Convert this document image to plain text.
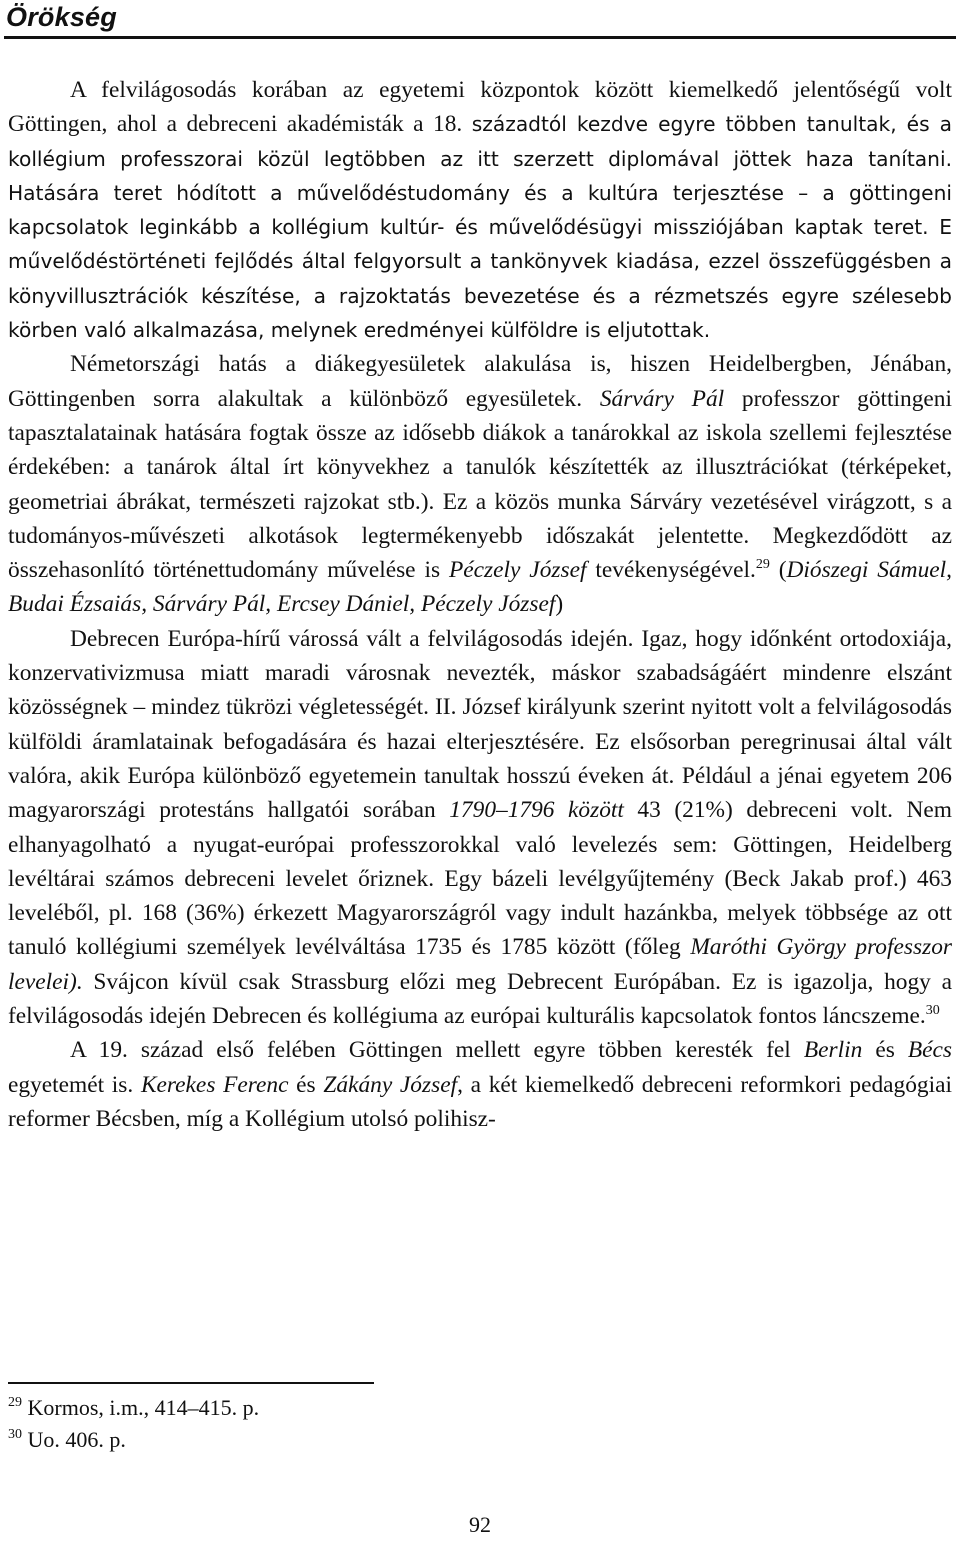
Örökség

A felvilágosodás korában az egyetemi központok között kiemelkedő jelentőségű volt Göttingen, ahol a debreceni akadémisták a 18. századtól kezdve egyre többen tanultak, és a kollégium professzorai közül legtöbben az itt szerzett diplomával jöttek haza tanítani. Hatására teret hódított a művelődéstudomány és a kultúra terjesztése – a göttingeni kapcsolatok leginkább a kollégium kultúr- és művelődésügyi missziójában kaptak teret. E művelődéstörténeti fejlődés által felgyorsult a tankönyvek kiadása, ezzel összefüggésben a könyvillusztrációk készítése, a rajzoktatás bevezetése és a rézmetszés egyre szélesebb körben való alkalmazása, melynek eredményei külföldre is eljutottak.

Németországi hatás a diákegyesületek alakulása is, hiszen Heidelbergben, Jénában, Göttingenben sorra alakultak a különböző egyesületek. Sárváry Pál professzor göttingeni tapasztalatainak hatására fogtak össze az idősebb diákok a tanárokkal az iskola szellemi fejlesztése érdekében: a tanárok által írt könyvekhez a tanulók készítették az illusztrációkat (térképeket, geometriai ábrákat, természeti rajzokat stb.). Ez a közös munka Sárváry vezetésével virágzott, s a tudományos-művészeti alkotások legtermékenyebb időszakát jelentette. Megkezdődött az összehasonlító történettudomány művelése is Péczely József tevékenységével.$^{29}$ (Diószegi Sámuel, Budai Ézsaiás, Sárváry Pál, Ercsey Dániel, Péczely József)

Debrecen Európa-hírű várossá vált a felvilágosodás idején. Igaz, hogy időnként ortodoxiája, konzervativizmusa miatt maradi városnak nevezték, máskor szabadságáért mindenre elszánt közösségnek – mindez tükrözi végletességét. II. József királyunk szerint nyitott volt a felvilágosodás külföldi áramlatainak befogadására és hazai elterjesztésére. Ez elsősorban peregrinusai által vált valóra, akik Európa különböző egyetemein tanultak hosszú éveken át. Például a jénai egyetem 206 magyarországi protestáns hallgatói sorában 1790–1796 között 43 (21%) debreceni volt. Nem elhanyagolható a nyugat-európai professzorokkal való levelezés sem: Göttingen, Heidelberg levéltárai számos debreceni levelet őriznek. Egy bázeli levélgyűjtemény (Beck Jakab prof.) 463 leveléből, pl. 168 (36%) érkezett Magyarországról vagy indult hazánkba, melyek többsége az ott tanuló kollégiumi személyek levélváltása 1735 és 1785 között (főleg Maróthi György professzor levelei). Svájcon kívül csak Strassburg előzi meg Debrecent Európában. Ez is igazolja, hogy a felvilágosodás idején Debrecen és kollégiuma az európai kulturális kapcsolatok fontos láncszeme.$^{30}$

A 19. század első felében Göttingen mellett egyre többen keresték fel Berlin és Bécs egyetemét is. Kerekes Ferenc és Zákány József, a két kiemelkedő debreceni reformkori pedagógiai reformer Bécsben, míg a Kollégium utolsó polihisz-

$^{29}$ Kormos, i.m., 414–415. p.
$^{30}$ Uo. 406. p.
92
